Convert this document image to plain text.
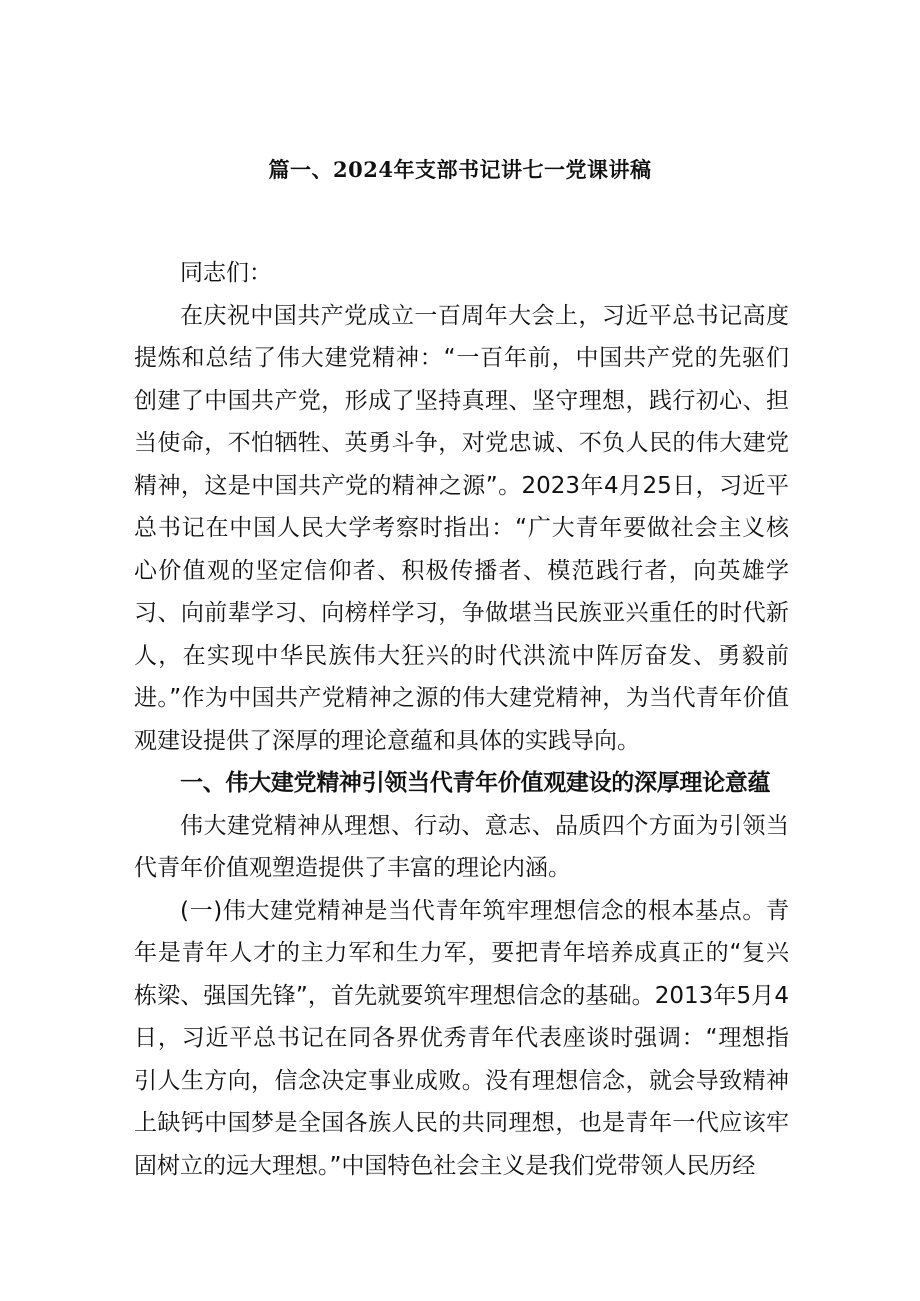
篇一、2024年支部书记讲七一党课讲稿

同志们：

在庆祝中国共产党成立一百周年大会上，习近平总书记高度提炼和总结了伟大建党精神：“一百年前，中国共产党的先驱们创建了中国共产党，形成了坚持真理、坚守理想，践行初心、担当使命，不怕牺牲、英勇斗争，对党忠诚、不负人民的伟大建党精神，这是中国共产党的精神之源”。2023年4月25日，习近平总书记在中国人民大学考察时指出：“广大青年要做社会主义核心价值观的坚定信仰者、积极传播者、模范践行者，向英雄学习、向前辈学习、向榜样学习，争做堪当民族亚兴重任的时代新人，在实现中华民族伟大狂兴的时代洪流中阵厉奋发、勇毅前进。”作为中国共产党精神之源的伟大建党精神，为当代青年价值观建设提供了深厚的理论意蕴和具体的实践导向。

一、伟大建党精神引领当代青年价值观建设的深厚理论意蕴

伟大建党精神从理想、行动、意志、品质四个方面为引领当代青年价值观塑造提供了丰富的理论内涵。

(一)伟大建党精神是当代青年筑牢理想信念的根本基点。青年是青年人才的主力军和生力军，要把青年培养成真正的“复兴栋梁、强国先锋”，首先就要筑牢理想信念的基础。2013年5月4日，习近平总书记在同各界优秀青年代表座谈时强调：“理想指引人生方向，信念决定事业成败。没有理想信念，就会导致精神上缺钙中国梦是全国各族人民的共同理想，也是青年一代应该牢固树立的远大理想。”中国特色社会主义是我们党带领人民历经
